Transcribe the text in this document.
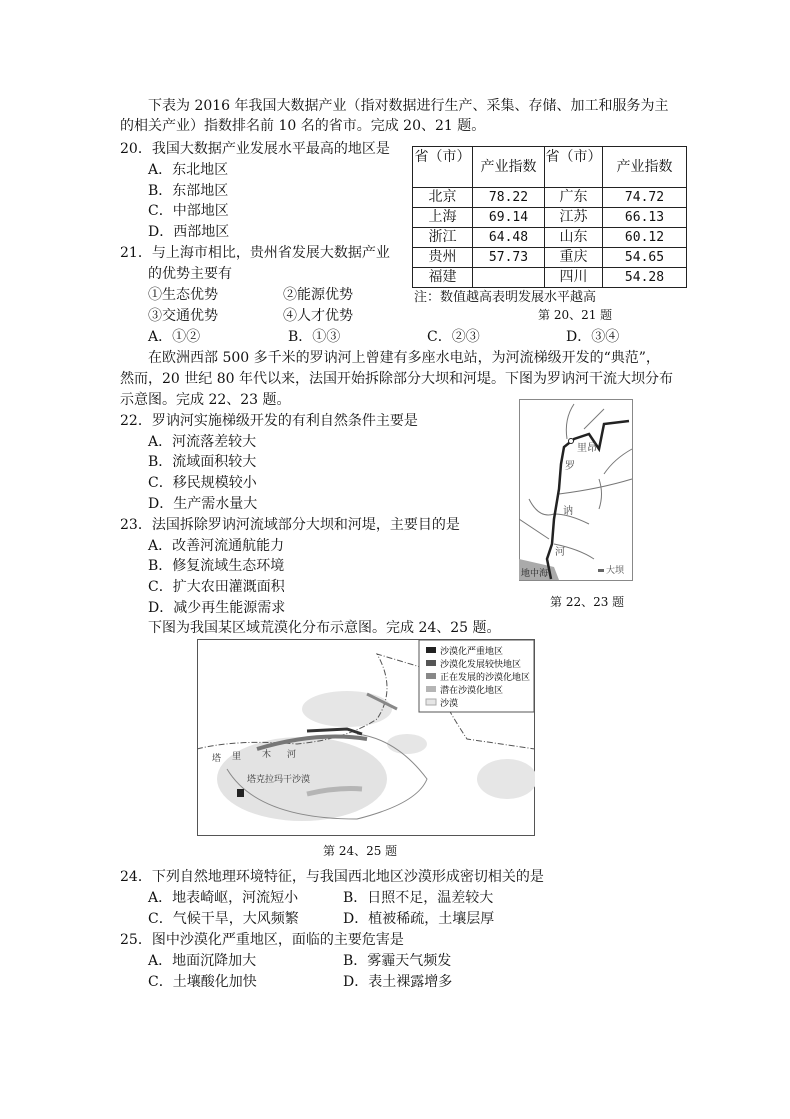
下表为 2016 年我国大数据产业（指对数据进行生产、采集、存储、加工和服务为主
的相关产业）指数排名前 10 名的省市。完成 20、21 题。
20．我国大数据产业发展水平最高的地区是
A．东北地区
B．东部地区
C．中部地区
D．西部地区
21．与上海市相比，贵州省发展大数据产业
的优势主要有
①生态优势	②能源优势
③交通优势	④人才优势
A．①②	B．①③	C．②③	D．③④
省（市）	产业指数	省（市）	产业指数
北京	78.22	广东	74.72
上海	69.14	江苏	66.13
浙江	64.48	山东	60.12
贵州	57.73	重庆	54.65
福建		四川	54.28
注：数值越高表明发展水平越高
第 20、21 题
在欧洲西部 500 多千米的罗讷河上曾建有多座水电站，为河流梯级开发的“典范”，
然而，20 世纪 80 年代以来，法国开始拆除部分大坝和河堤。下图为罗讷河干流大坝分布
示意图。完成 22、23 题。
22．罗讷河实施梯级开发的有利自然条件主要是
A．河流落差较大
B．流域面积较大
C．移民规模较小
D．生产需水量大
23．法国拆除罗讷河流域部分大坝和河堤，主要目的是
A．改善河流通航能力
B．修复流域生态环境
C．扩大农田灌溉面积
D．减少再生能源需求
里昂
罗
讷
河
地中海	大坝
第 22、23 题
下图为我国某区域荒漠化分布示意图。完成 24、25 题。
塔 里 木 河
塔克拉玛干沙漠
沙漠化严重地区
沙漠化发展较快地区
正在发展的沙漠化地区
潜在沙漠化地区
沙漠
第 24、25 题
24．下列自然地理环境特征，与我国西北地区沙漠形成密切相关的是
A．地表崎岖，河流短小	B．日照不足，温差较大
C．气候干旱，大风频繁	D．植被稀疏，土壤层厚
25．图中沙漠化严重地区，面临的主要危害是
A．地面沉降加大	B．雾霾天气频发
C．土壤酸化加快	D．表土裸露增多
